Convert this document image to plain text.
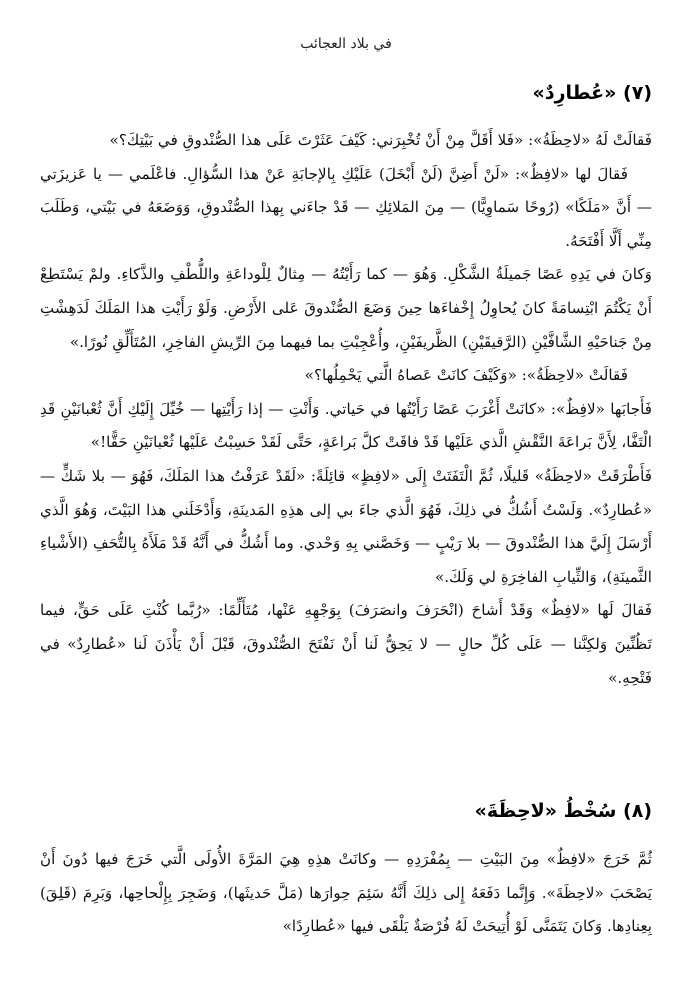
في بلاد العجائب
(٧) «عُطارِدٌ»

فَقالَتْ لَهُ «لاحِظَةُ»: «فَلا أَقَلَّ مِنْ أَنْ تُخْبِرَني: كَيْفَ عَثَرْتَ عَلَى هذا الصُّنْدوقِ في بَيْتِكَ؟»

فَقالَ لها «لافِظٌ»: «لَنْ أَضِنَّ (لَنْ أَبْخَلَ) عَلَيْكِ بِالإجابَةِ عَنْ هذا السُّؤالِ. فاعْلَمي — يا عَزيزَتي — أَنَّ «مَلَكًا» (رُوحًا سَماوِيًّا) — مِنَ المَلائِكِ — قَدْ جاءَني بِهذا الصُّنْدوقِ، وَوَضَعَهُ في بَيْتي، وَطَلَبَ مِنِّي أَلَّا أَفْتَحَهُ.

وَكانَ في يَدِهِ عَصًا جَميلَةُ الشَّكْلِ. وَهُوَ — كما رَأَيْتُهُ — مِثالٌ لِلْوداعَةِ واللُّطْفِ والذَّكاءِ. ولمْ يَسْتَطِعْ أَنْ يَكْتُمَ ابْتِسامَةً كانَ يُحاوِلُ إِخْفاءَها حِينَ وَضَعَ الصُّنْدوقَ عَلى الأَرْضِ. وَلَوْ رَأَيْتِ هذا المَلَكَ لَدَهِشْتِ مِنْ جَناحَيْهِ الشَّافَّيْنِ (الرَّقيقَيْنِ) الظَّريفَيْنِ، وأُعْجِبْتِ بما فيهما مِنَ الرِّيشِ الفاخِرِ، المُتَأَلِّقِ نُورًا.»

فَقالَتْ «لاحِظَةُ»: «وَكَيْفَ كانَتْ عَصاهُ الَّتي يَحْمِلُها؟»

فَأَجابَها «لافِظٌ»: «كانَتْ أَغْرَبَ عَصًا رَأَيْتُها في حَياتي. وَأَنْتِ — إذا رَأَيْتِها — خُيِّلَ إِلَيْكِ أَنَّ ثُعْبانَيْنِ قَدِ الْتَفَّا، لِأَنَّ بَراعَةَ النَّقْشِ الَّذي عَلَيْها قَدْ فاقَتْ كلَّ بَراعَةٍ، حَتَّى لَقَدْ حَسِبْتُ عَلَيْها ثُعْبانَيْنِ حَقًّا!»

فَأَطْرَقَتْ «لاحِظَةُ» قَليلًا، ثُمَّ الْتَفَتَتْ إِلَى «لافِظٍ» قائِلَةً: «لَقَدْ عَرَفْتُ هذا المَلَكَ، فَهُوَ — بلا شَكٍّ — «عُطارِدٌ». وَلَسْتُ أَشُكُّ في ذلِكَ، فَهُوَ الَّذي جاءَ بي إلى هذِهِ المَدينَةِ، وَأَدْخَلَني هذا البَيْتَ، وَهُوَ الَّذي أَرْسَلَ إِلَيَّ هذا الصُّنْدوقَ — بلا رَيْبٍ — وَخَصَّني بِهِ وَحْدي. وما أَشُكُّ في أَنَّهُ قَدْ مَلَأَهُ بِالتُّحَفِ (الأَشْياءِ الثَّمينَةِ)، وَالثِّيابِ الفاخِرَةِ لي وَلَكَ.»

فَقالَ لَها «لافِظٌ» وَقَدْ أَشاحَ (انْحَرَفَ وانصَرَفَ) بِوَجْهِهِ عَنْها، مُتَأَلِّمًا: «رُبَّما كُنْتِ عَلَى حَقٍّ، فيما تَظُنِّينَ وَلكِنَّنا — عَلَى كُلِّ حالٍ — لا يَحِقُّ لَنا أَنْ نَفْتَحَ الصُّنْدوقَ، قَبْلَ أَنْ يَأْذَنَ لَنا «عُطارِدٌ» في فَتْحِهِ.»

(٨) سُخْطُ «لاحِظَةَ»

ثُمَّ خَرَجَ «لافِظٌ» مِنَ البَيْتِ — بِمُفْرَدِهِ — وكانَتْ هذِهِ هِيَ المَرَّةَ الأُولَى الَّتي خَرَجَ فيها دُونَ أَنْ يَصْحَبَ «لاحِظَةَ». وَإِنَّما دَفَعَهُ إِلى ذلِكَ أَنَّهُ سَئِمَ حِوارَها (مَلَّ حَديثَها)، وَضَجِرَ بِإِلْحاحِها، وَبَرِمَ (قَلِقَ) بِعِنادِها. وَكانَ يَتَمَنَّى لَوْ أُتِيحَتْ لَهُ فُرْصَةٌ يَلْقَى فيها «عُطارِدًا»
